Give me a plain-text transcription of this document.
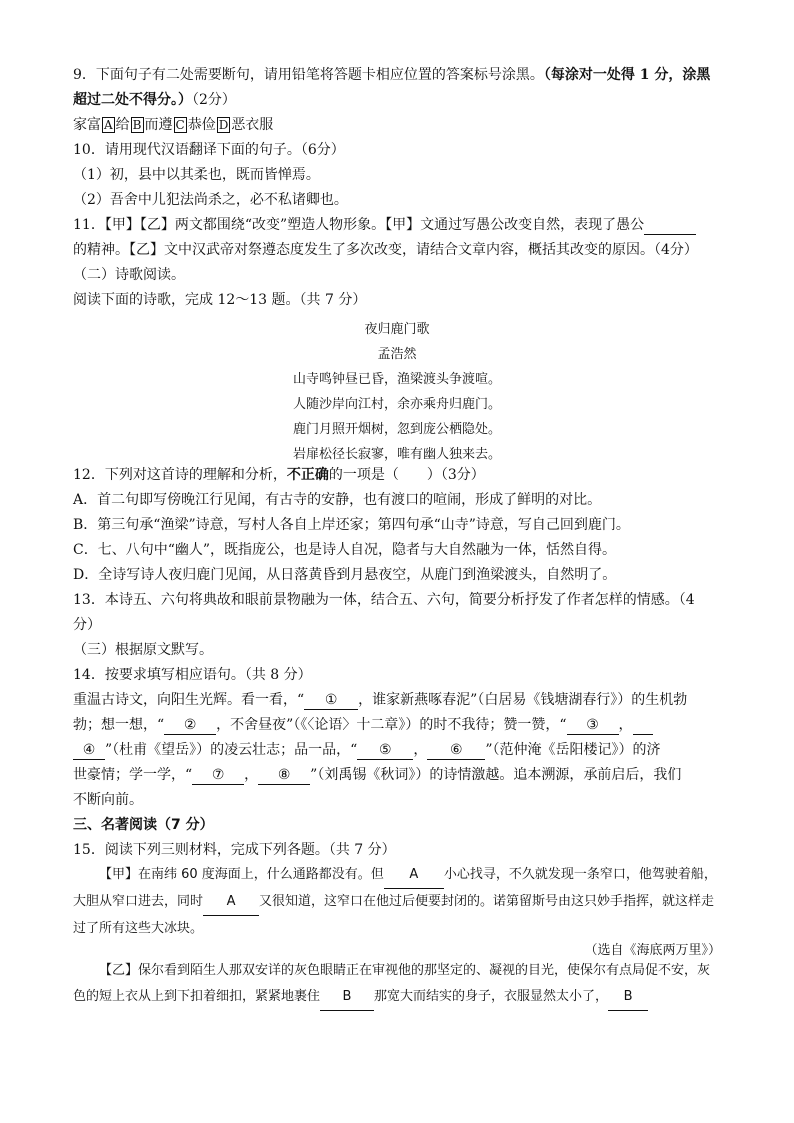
9．下面句子有二处需要断句，请用铅笔将答题卡相应位置的答案标号涂黑。（每涂对一处得 1 分，涂黑
超过二处不得分。）（2分）
家富 A 给 B 而遵 C 恭俭 D 恶衣服
10．请用现代汉语翻译下面的句子。（6分）
（1）初，县中以其柔也，既而皆惮焉。
（2）吾舍中儿犯法尚杀之，必不私诸卿也。
11．【甲】【乙】两文都围绕“改变”塑造人物形象。【甲】文通过写愚公改变自然，表现了愚公
的精神。【乙】文中汉武帝对祭遵态度发生了多次改变，请结合文章内容，概括其改变的原因。（4分）
（二）诗歌阅读。
阅读下面的诗歌，完成 12～13 题。（共 7 分）
夜归鹿门歌
孟浩然
山寺鸣钟昼已昏，渔梁渡头争渡喧。
人随沙岸向江村，余亦乘舟归鹿门。
鹿门月照开烟树，忽到庞公栖隐处。
岩扉松径长寂寥，唯有幽人独来去。
12．下列对这首诗的理解和分析，不正确的一项是（　　）（3分）
A．首二句即写傍晚江行见闻，有古寺的安静，也有渡口的喧闹，形成了鲜明的对比。
B．第三句承“渔梁”诗意，写村人各自上岸还家；第四句承“山寺”诗意，写自己回到鹿门。
C．七、八句中“幽人”，既指庞公，也是诗人自况，隐者与大自然融为一体，恬然自得。
D．全诗写诗人夜归鹿门见闻，从日落黄昏到月悬夜空，从鹿门到渔梁渡头，自然明了。
13．本诗五、六句将典故和眼前景物融为一体，结合五、六句，简要分析抒发了作者怎样的情感。（4
分）
（三）根据原文默写。
14．按要求填写相应语句。（共 8 分）
重温古诗文，向阳生光辉。看一看，“ ① ，谁家新燕啄春泥”（白居易《钱塘湖春行》）的生机勃
勃；想一想，“ ② ，不舍昼夜”（《〈论语〉十二章》）的时不我待；赞一赞，“ ③ ，
④ ”（杜甫《望岳》）的凌云壮志；品一品，“ ⑤ ， ⑥ ”（范仲淹《岳阳楼记》）的济
世豪情；学一学，“ ⑦ ， ⑧ ”（刘禹锡《秋词》）的诗情激越。追本溯源，承前启后，我们
不断向前。
三、名著阅读（7 分）
15．阅读下列三则材料，完成下列各题。（共 7 分）
【甲】在南纬 60 度海面上，什么通路都没有。但 A 小心找寻，不久就发现一条窄口，他驾驶着船，大胆从窄口进去，同时 A 又很知道，这窄口在他过后便要封闭的。诺第留斯号由这只妙手指挥，就这样走过了所有这些大冰块。
（选自《海底两万里》）
【乙】保尔看到陌生人那双安详的灰色眼睛正在审视他的那坚定的、凝视的目光，使保尔有点局促不安，灰色的短上衣从上到下扣着细扣，紧紧地裹住 B 那宽大而结实的身子，衣服显然太小了， B
